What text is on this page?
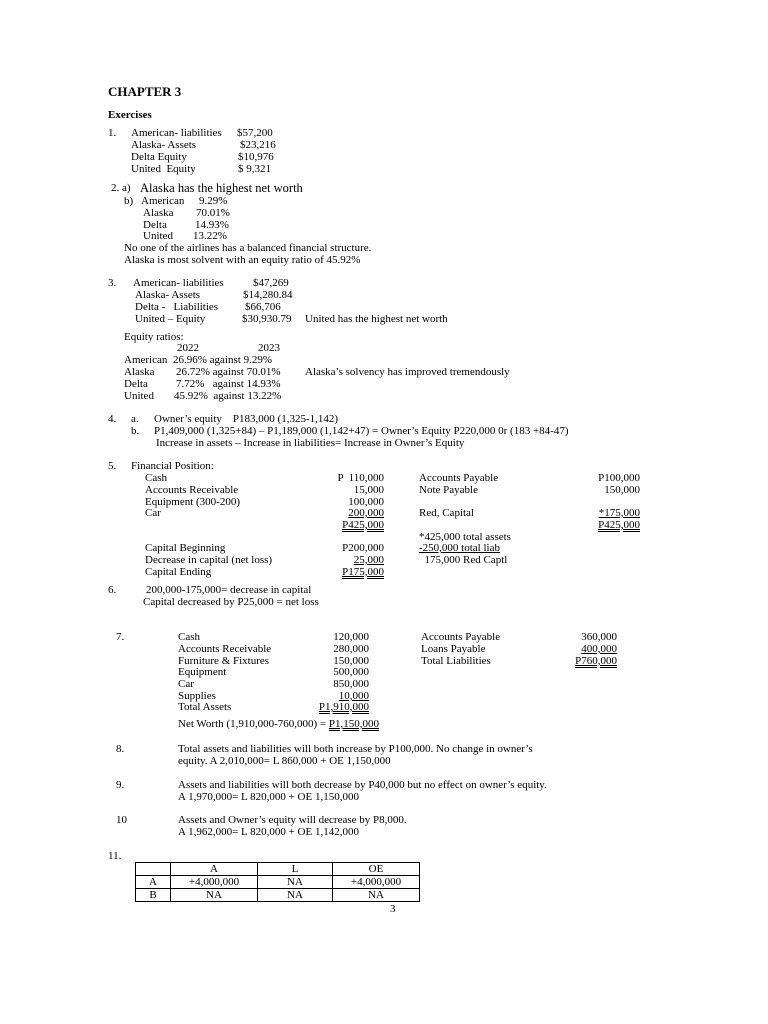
CHAPTER 3
Exercises
1. American- liabilities $57,200
Alaska- Assets	$23,216
Delta Equity	$10,976
United  Equity	$ 9,321
2. a) Alaska has the highest net worth
b) American 9.29%
Alaska 70.01%
Delta	14.93%
United 13.22%
No one of the airlines has a balanced financial structure.
Alaska is most solvent with an equity ratio of 45.92%
3. American- liabilities	$47,269
Alaska- Assets	$14,280.84
Delta -   Liabilities $66,706
United – Equity	$30,930.79 United has the highest net worth
Equity ratios:
2022	2023
American 26.96% against 9.29%
Alaska 26.72% against 70.01% Alaska’s solvency has improved tremendously
Delta	7.72%   against 14.93%
United 45.92%  against 13.22%
4. a. Owner’s equity    P183,000 (1,325-1,142)
b. P1,409,000 (1,325+84) – P1,189,000 (1,142+47) = Owner’s Equity P220,000 0r (183 +84-47)
Increase in assets – Increase in liabilities= Increase in Owner’s Equity
5. Financial Position:
Cash	P  110,000
Accounts Receivable	15,000
Equipment (300-200)	100,000
Car	200,000
P425,000
Accounts Payable	P100,000
Note Payable	150,000
Red, Capital	*175,000
P425,000
*425,000 total assets
-250,000 total liab
175,000 Red Captl
Capital Beginning	P200,000
Decrease in capital (net loss)	25,000
Capital Ending	P175,000
6.	200,000-175,000= decrease in capital
Capital decreased by P25,000 = net loss
7.	Cash	120,000
Accounts Receivable	280,000
Furniture & Fixtures	150,000
Equipment	500,000
Car	850,000
Supplies	10,000
Total Assets	P1,910,000
Accounts Payable	360,000
Loans Payable	400,000
Total Liabilities	P760,000
Net Worth (1,910,000-760,000) = P1,150,000
8.	Total assets and liabilities will both increase by P100,000. No change in owner’s
equity. A 2,010,000= L 860,000 + OE 1,150,000
9.	Assets and liabilities will both decrease by P40,000 but no effect on owner’s equity.
A 1,970,000= L 820,000 + OE 1,150,000
10	Assets and Owner’s equity will decrease by P8,000.
A 1,962,000= L 820,000 + OE 1,142,000
11.
	A	L	OE
A	+4,000,000	NA	+4,000,000
B	NA	NA	NA
3
